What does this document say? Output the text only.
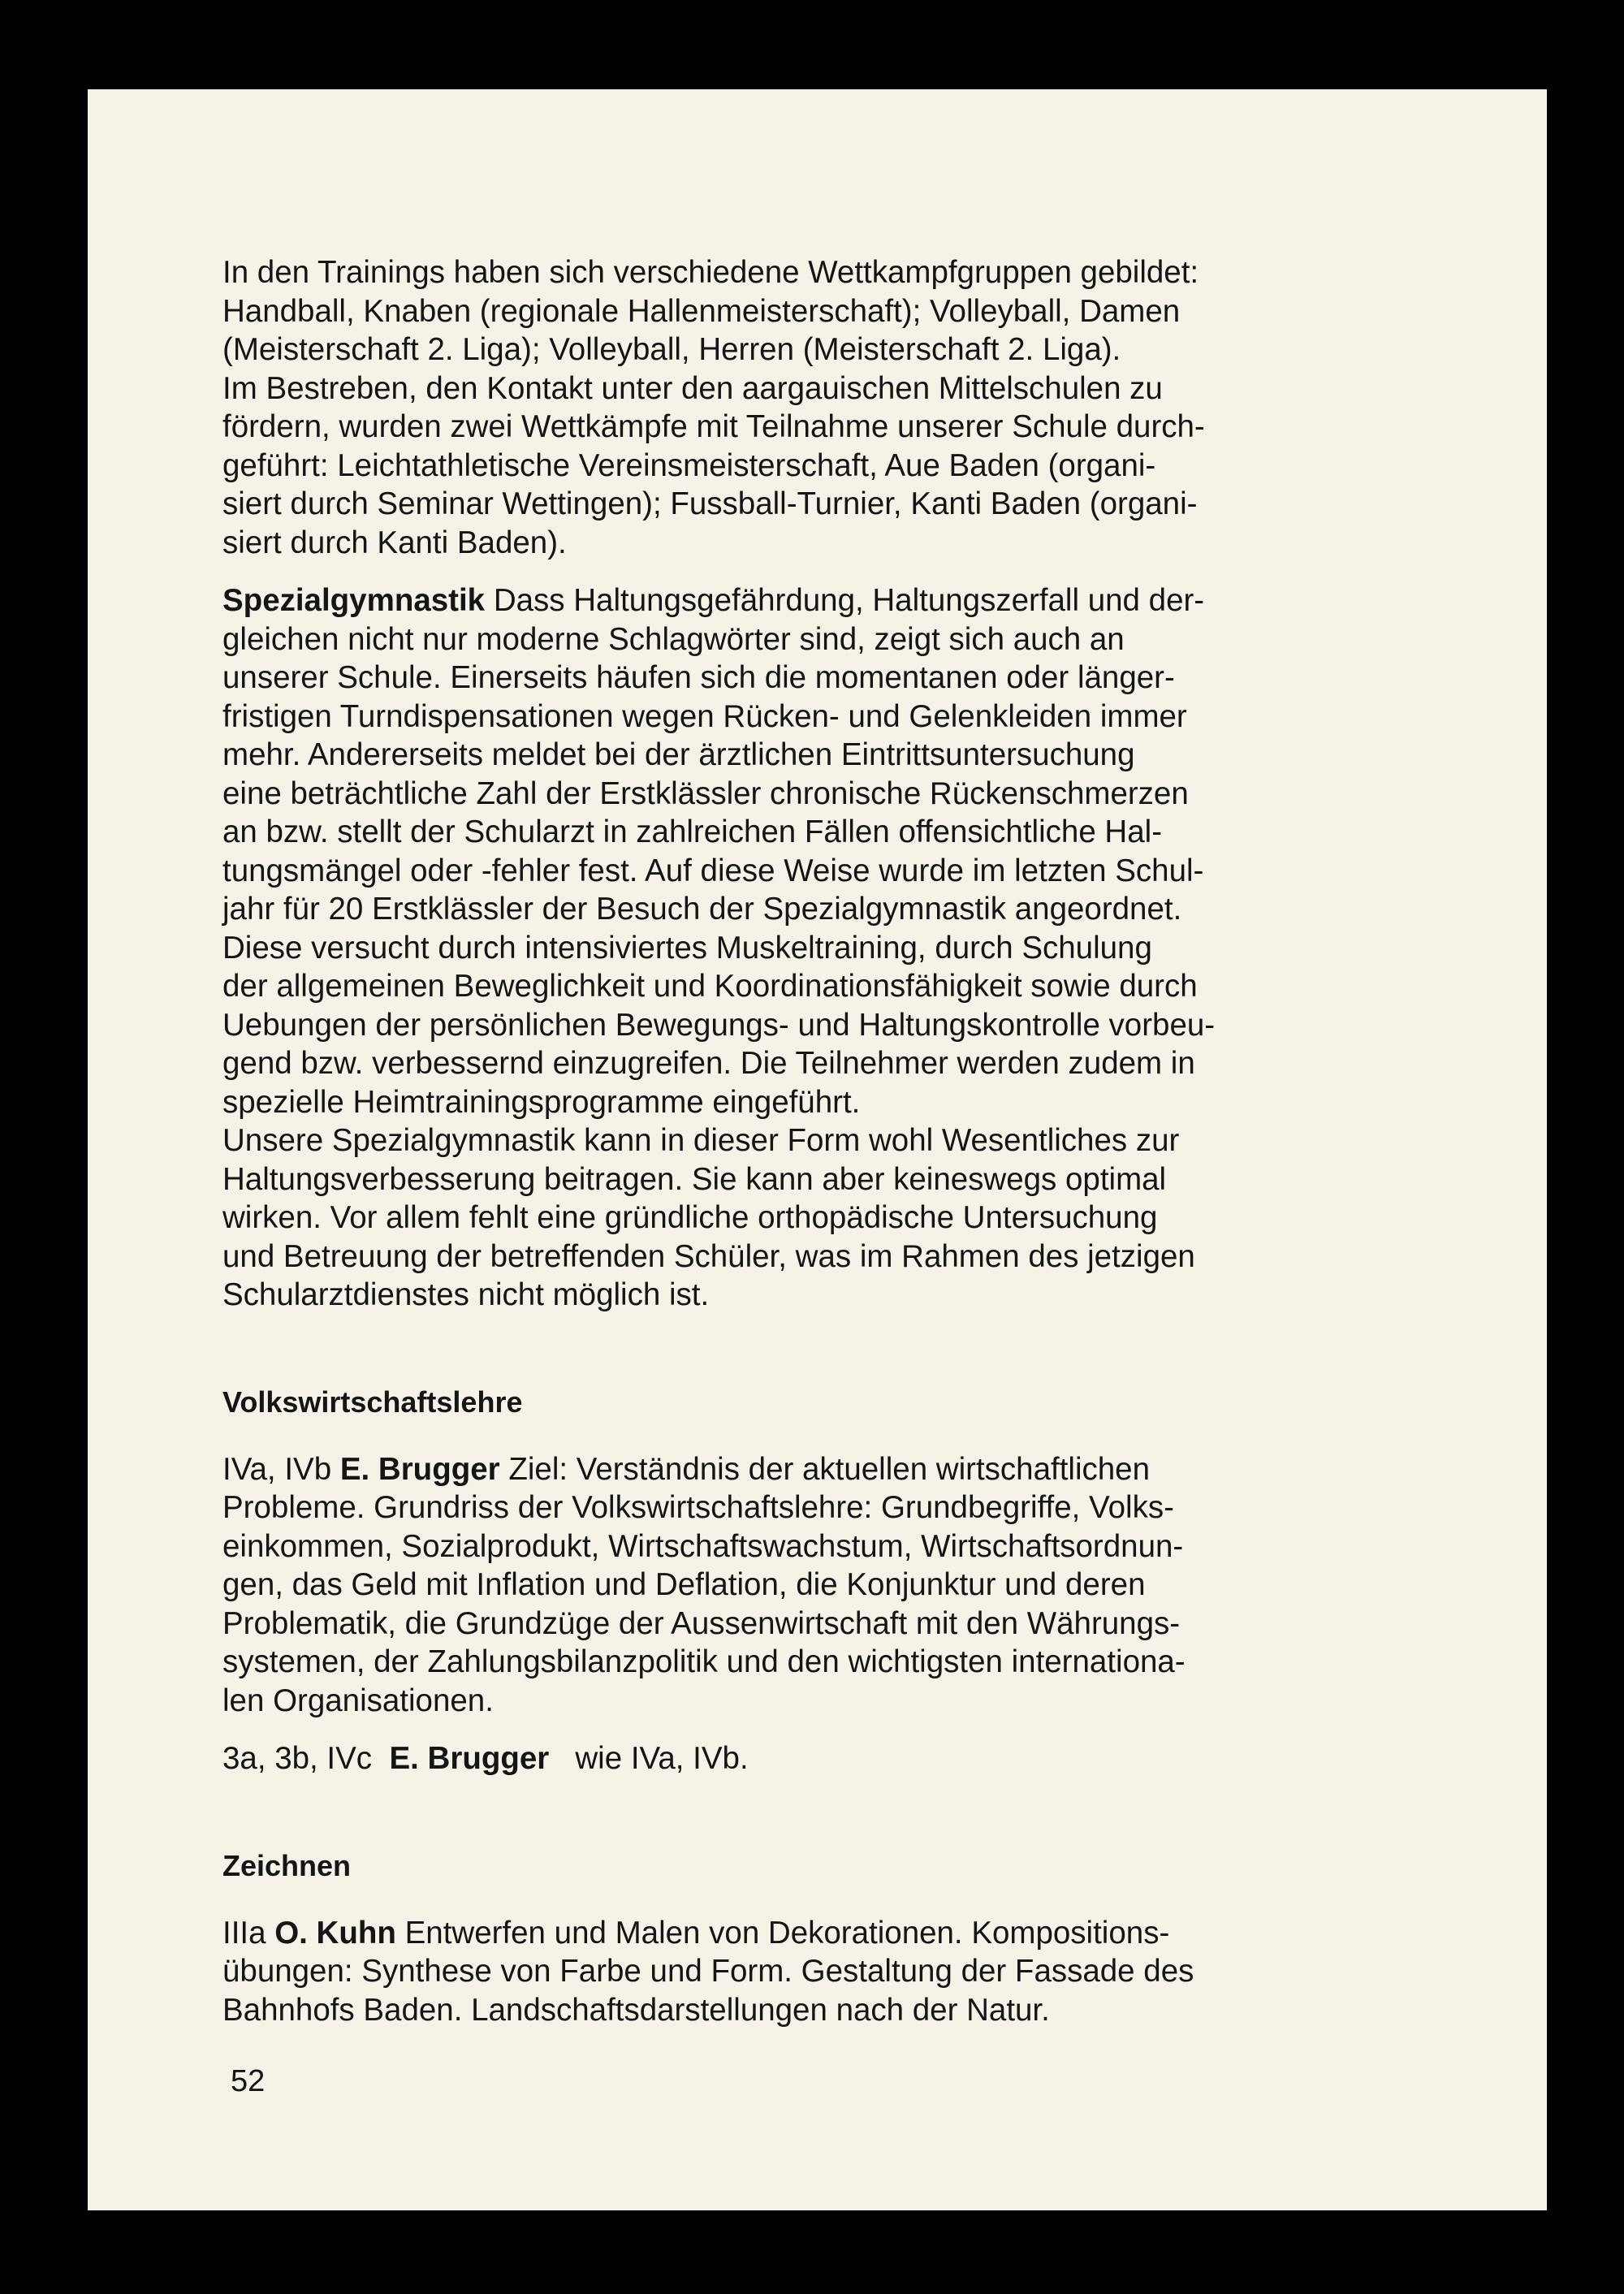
In den Trainings haben sich verschiedene Wettkampfgruppen gebildet:
Handball, Knaben (regionale Hallenmeisterschaft); Volleyball, Damen
(Meisterschaft 2. Liga); Volleyball, Herren (Meisterschaft 2. Liga).

Im Bestreben, den Kontakt unter den aargauischen Mittelschulen zu
fördern, wurden zwei Wettkämpfe mit Teilnahme unserer Schule durch-
geführt: Leichtathletische Vereinsmeisterschaft, Aue Baden (organi-
siert durch Seminar Wettingen); Fussball-Turnier, Kanti Baden (organi-
siert durch Kanti Baden).

Spezialgymnastik Dass Haltungsgefährdung, Haltungszerfall und der-
gleichen nicht nur moderne Schlagwörter sind, zeigt sich auch an
unserer Schule. Einerseits häufen sich die momentanen oder länger-
fristigen Turndispensationen wegen Rücken- und Gelenkleiden immer
mehr. Andererseits meldet bei der ärztlichen Eintrittsuntersuchung
eine beträchtliche Zahl der Erstklässler chronische Rückenschmerzen
an bzw. stellt der Schularzt in zahlreichen Fällen offensichtliche Hal-
tungsmängel oder -fehler fest. Auf diese Weise wurde im letzten Schul-
jahr für 20 Erstklässler der Besuch der Spezialgymnastik angeordnet.
Diese versucht durch intensiviertes Muskeltraining, durch Schulung
der allgemeinen Beweglichkeit und Koordinationsfähigkeit sowie durch
Uebungen der persönlichen Bewegungs- und Haltungskontrolle vorbeu-
gend bzw. verbessernd einzugreifen. Die Teilnehmer werden zudem in
spezielle Heimtrainingsprogramme eingeführt.

Unsere Spezialgymnastik kann in dieser Form wohl Wesentliches zur
Haltungsverbesserung beitragen. Sie kann aber keineswegs optimal
wirken. Vor allem fehlt eine gründliche orthopädische Untersuchung
und Betreuung der betreffenden Schüler, was im Rahmen des jetzigen
Schularztdienstes nicht möglich ist.

Volkswirtschaftslehre

IVa, IVb E. Brugger Ziel: Verständnis der aktuellen wirtschaftlichen
Probleme. Grundriss der Volkswirtschaftslehre: Grundbegriffe, Volks-
einkommen, Sozialprodukt, Wirtschaftswachstum, Wirtschaftsordnun-
gen, das Geld mit Inflation und Deflation, die Konjunktur und deren
Problematik, die Grundzüge der Aussenwirtschaft mit den Währungs-
systemen, der Zahlungsbilanzpolitik und den wichtigsten internationa-
len Organisationen.

3a, 3b, IVc E. Brugger wie IVa, IVb.

Zeichnen

IIIa O. Kuhn Entwerfen und Malen von Dekorationen. Kompositions-
übungen: Synthese von Farbe und Form. Gestaltung der Fassade des
Bahnhofs Baden. Landschaftsdarstellungen nach der Natur.

52
